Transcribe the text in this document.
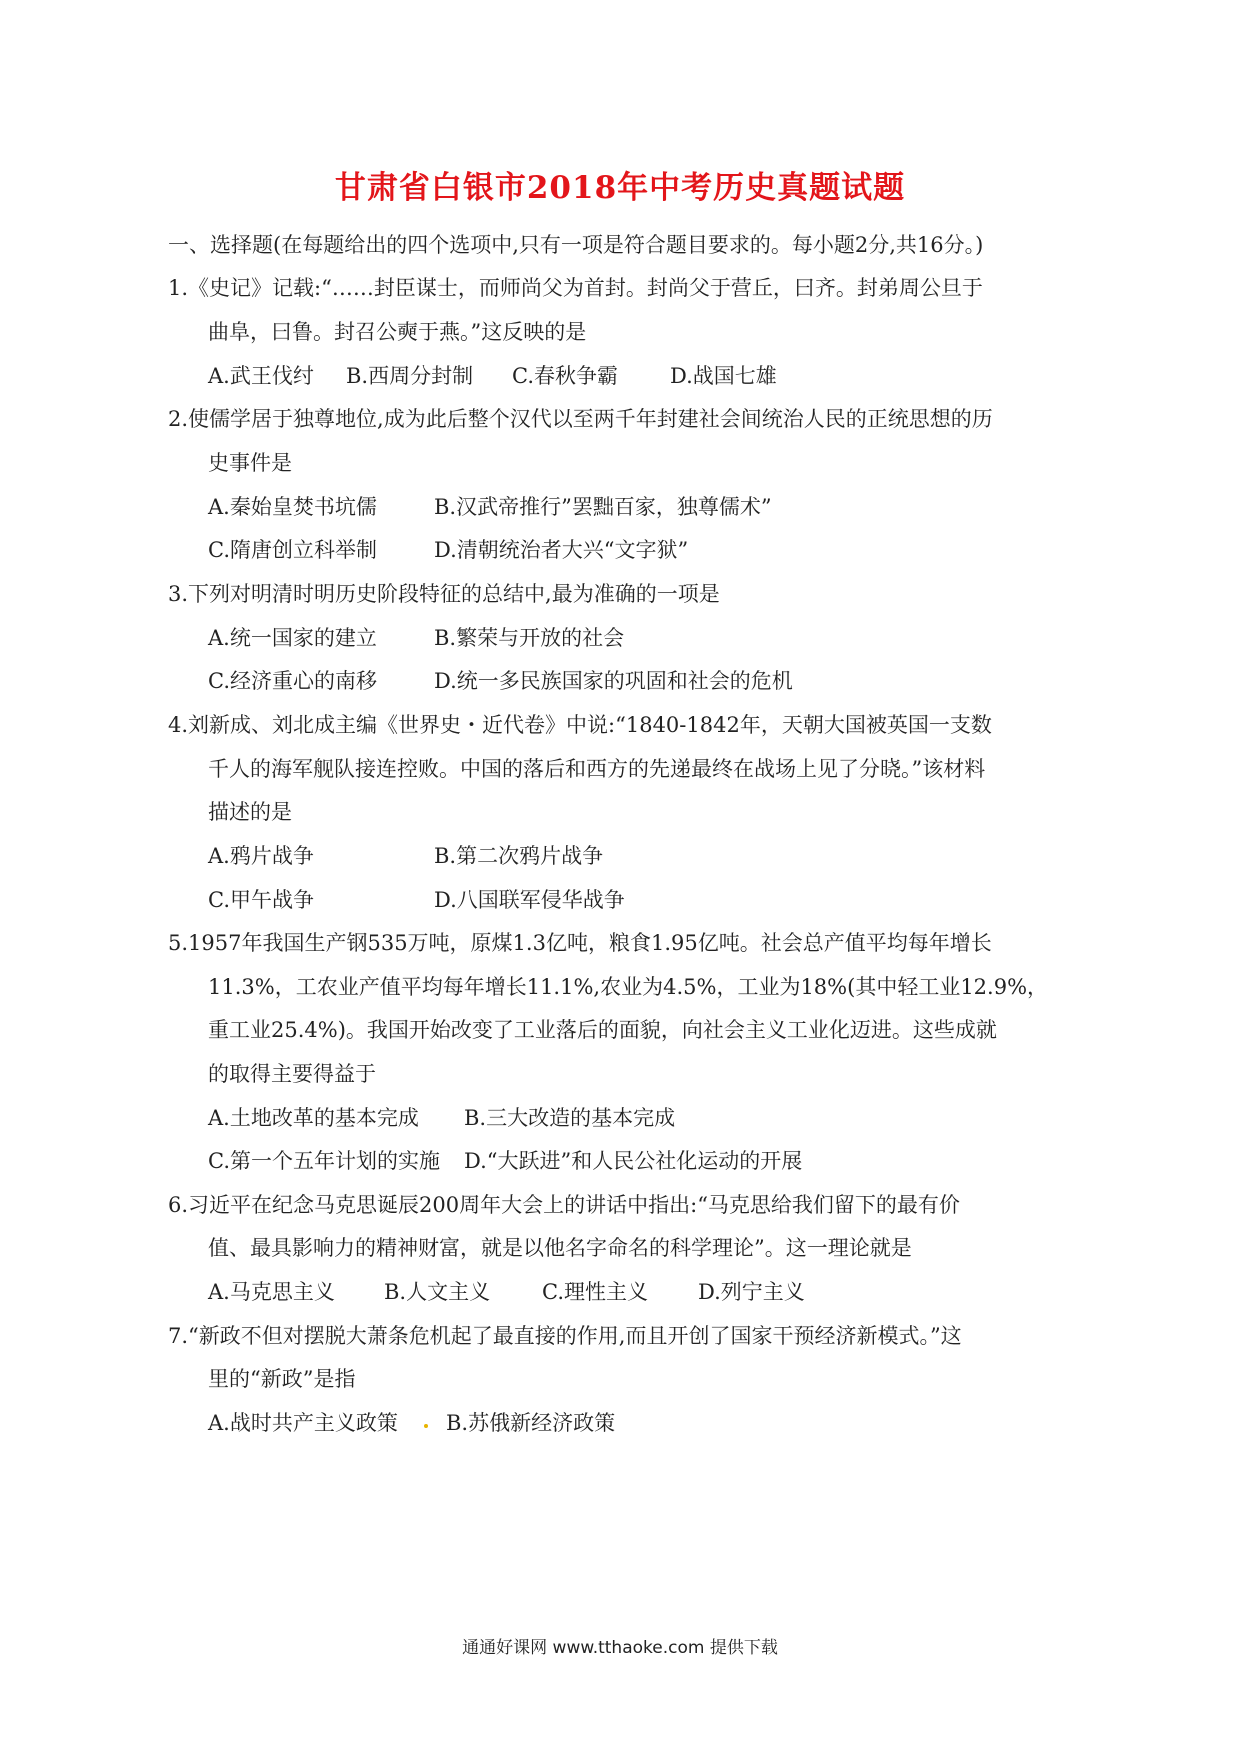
甘肃省白银市2018年中考历史真题试题
一、选择题(在每题给出的四个选项中,只有一项是符合题目要求的。每小题2分,共16分。)
1.《史记》记载:“……封臣谋士，而师尚父为首封。封尚父于营丘，曰齐。封弟周公旦于
曲阜，曰鲁。封召公奭于燕。”这反映的是
A.武王伐纣 B.西周分封制 C.春秋争霸 D.战国七雄
2.使儒学居于独尊地位,成为此后整个汉代以至两千年封建社会间统治人民的正统思想的历
史事件是
A.秦始皇焚书坑儒	B.汉武帝推行”罢黜百家，独尊儒术”
C.隋唐创立科举制	D.清朝统治者大兴“文字狱”
3.下列对明清时明历史阶段特征的总结中,最为准确的一项是
A.统一国家的建立	B.繁荣与开放的社会
C.经济重心的南移	D.统一多民族国家的巩固和社会的危机
4.刘新成、刘北成主编《世界史・近代卷》中说:“1840-1842年，天朝大国被英国一支数
千人的海军舰队接连控败。中国的落后和西方的先递最终在战场上见了分晓。”该材料
描述的是
A.鸦片战争	B.第二次鸦片战争
C.甲午战争	D.八国联军侵华战争
5.1957年我国生产钢535万吨，原煤1.3亿吨，粮食1.95亿吨。社会总产值平均每年增长
11.3%，工农业产值平均每年增长11.1%,农业为4.5%，工业为18%(其中轻工业12.9%，
重工业25.4%)。我国开始改变了工业落后的面貌，向社会主义工业化迈进。这些成就
的取得主要得益于
A.土地改革的基本完成 B.三大改造的基本完成
C.第一个五年计划的实施 D.“大跃进”和人民公社化运动的开展
6.习近平在纪念马克思诞辰200周年大会上的讲话中指出:“马克思给我们留下的最有价
值、最具影响力的精神财富，就是以他名字命名的科学理论”。这一理论就是
A.马克思主义 B.人文主义 C.理性主义 D.列宁主义
7.“新政不但对摆脱大萧条危机起了最直接的作用,而且开创了国家干预经济新模式。”这
里的“新政”是指
A.战时共产主义政策 B.苏俄新经济政策
通通好课网 www.tthaoke.com 提供下载
